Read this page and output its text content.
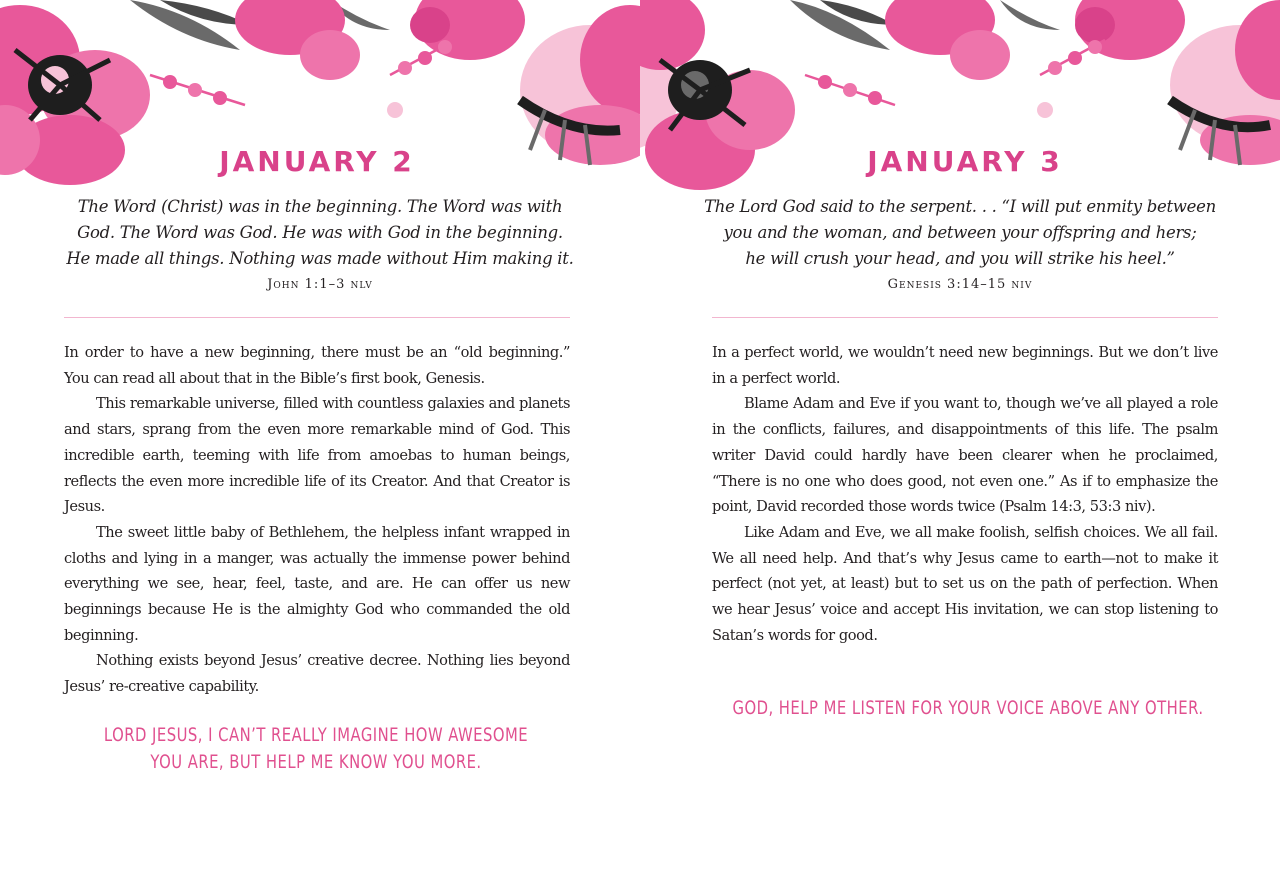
JANUARY 2

The Word (Christ) was in the beginning. The Word was with
God. The Word was God. He was with God in the beginning.
He made all things. Nothing was made without Him making it.

John 1:1–3 nlv

In order to have a new beginning, there must be an “old beginning.” You can read all about that in the Bible’s first book, Genesis.

This remarkable universe, filled with countless galaxies and planets and stars, sprang from the even more remarkable mind of God. This incredible earth, teeming with life from amoebas to human beings, reflects the even more incredible life of its Creator. And that Creator is Jesus.

The sweet little baby of Bethlehem, the helpless infant wrapped in cloths and lying in a manger, was actually the immense power behind everything we see, hear, feel, taste, and are. He can offer us new beginnings because He is the almighty God who commanded the old beginning.

Nothing exists beyond Jesus’ creative decree. Nothing lies beyond Jesus’ re-creative capability.

LORD JESUS, I CAN’T REALLY IMAGINE HOW AWESOME
YOU ARE, BUT HELP ME KNOW YOU MORE.

JANUARY 3

The Lord God said to the serpent. . . “I will put enmity between
you and the woman, and between your offspring and hers;
he will crush your head, and you will strike his heel.”

Genesis 3:14–15 niv

In a perfect world, we wouldn’t need new beginnings. But we don’t live in a perfect world.

Blame Adam and Eve if you want to, though we’ve all played a role in the conflicts, failures, and disappointments of this life. The psalm writer David could hardly have been clearer when he proclaimed, “There is no one who does good, not even one.” As if to emphasize the point, David recorded those words twice (Psalm 14:3, 53:3 niv).

Like Adam and Eve, we all make foolish, selfish choices. We all fail. We all need help. And that’s why Jesus came to earth—not to make it perfect (not yet, at least) but to set us on the path of perfection. When we hear Jesus’ voice and accept His invitation, we can stop listening to Satan’s words for good.

GOD, HELP ME LISTEN FOR YOUR VOICE ABOVE ANY OTHER.
